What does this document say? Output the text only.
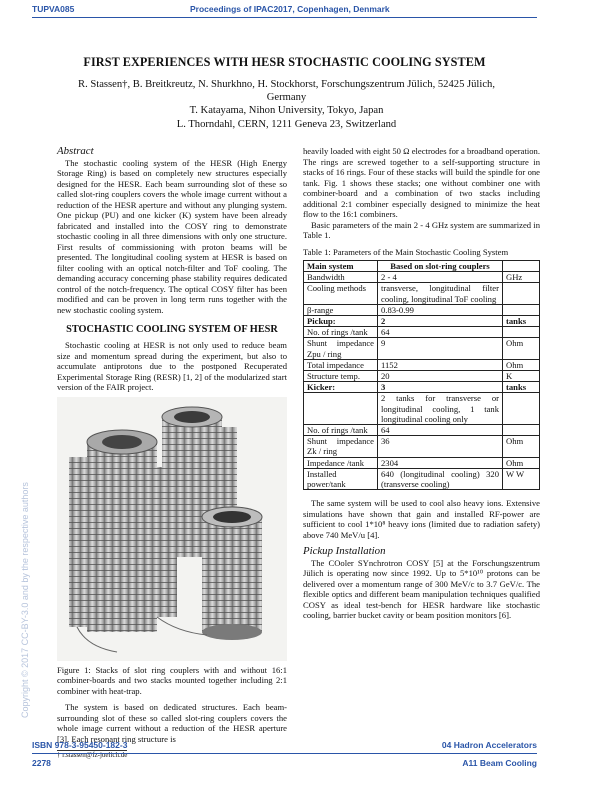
TUPVA085	Proceedings of IPAC2017, Copenhagen, Denmark
FIRST EXPERIENCES WITH HESR STOCHASTIC COOLING SYSTEM
R. Stassen†, B. Breitkreutz, N. Shurkhno, H. Stockhorst, Forschungszentrum Jülich, 52425 Jülich,
Germany
T. Katayama, Nihon University, Tokyo, Japan
L. Thorndahl, CERN, 1211 Geneva 23, Switzerland
Abstract

The stochastic cooling system of the HESR (High Energy Storage Ring) is based on completely new structures especially designed for the HESR. Each beam surrounding slot of these so called slot-ring couplers covers the whole image current without a reduction of the HESR aperture and without any plunging system. One pickup (PU) and one kicker (K) system have been already fabricated and installed into the COSY ring to demonstrate stochastic cooling in all three dimensions with only one structure. First results of commissioning with proton beams will be presented. The longitudinal cooling system at HESR is based on filter cooling with an optical notch-filter and ToF cooling. The demanding accuracy concerning phase stability requires dedicated control of the notch-frequency. The optical COSY filter has been modified and can be proven in long term runs together with the new stochastic cooling system.

STOCHASTIC COOLING SYSTEM OF HESR

Stochastic cooling at HESR is not only used to reduce beam size and momentum spread during the experiment, but also to accumulate antiprotons due to the postponed Recuperated Experimental Storage Ring (RESR) [1, 2] of the modularized start version of the FAIR project.

Figure 1: Stacks of slot ring couplers with and without 16:1 combiner-boards and two stacks mounted together including 2:1 combiner with heat-trap.

The system is based on dedicated structures. Each beam-surrounding slot of these so called slot-ring couplers covers the whole image current without a reduction of the HESR aperture [3]. Each resonant ring structure is

† r.stassen@fz-juelich.de

heavily loaded with eight 50 Ω electrodes for a broadband operation. The rings are screwed together to a self-supporting structure in stacks of 16 rings. Four of these stacks will build the spindle for one tank. Fig. 1 shows these stacks; one without combiner one with combiner-board and a combination of two stacks including additional 2:1 combiner especially designed to minimize the heat flow to the 16:1 combiners.

Basic parameters of the main 2 - 4 GHz system are summarized in Table 1.

Table 1: Parameters of the Main Stochastic Cooling System
Main system	Based on slot-ring couplers	
Bandwidth	2 - 4	GHz
Cooling methods	transverse, longitudinal filter cooling, longitudinal ToF cooling	
β-range	0.83-0.99	
Pickup:	2	tanks
No. of rings /tank	64	
Shunt impedance Zpu / ring	9	Ohm
Total impedance	1152	Ohm
Structure temp.	20	K
Kicker:	3	tanks
	2 tanks for transverse or longitudinal cooling, 1 tank longitudinal cooling only	
No. of rings /tank	64	
Shunt impedance Zk / ring	36	Ohm
Impedance /tank	2304	Ohm
Installed power/tank	640 (longitudinal cooling) 320 (transverse cooling)	W W

The same system will be used to cool also heavy ions. Extensive simulations have shown that gain and installed RF-power are sufficient to cool 1*10⁸ heavy ions (limited due to radiation safety) above 740 MeV/u [4].

Pickup Installation

The COoler SYnchrotron COSY [5] at the Forschungszentrum Jülich is operating now since 1992. Up to 5*10¹⁰ protons can be delivered over a momentum range of 300 MeV/c to 3.7 GeV/c. The flexible optics and different beam manipulation techniques qualified COSY as ideal test-bench for HESR hardware like stochastic cooling, barrier bucket cavity or beam position monitors [6].

ISBN 978-3-95450-182-3	04 Hadron Accelerators
2278	A11 Beam Cooling
Copyright © 2017 CC-BY-3.0 and by the respective authors
